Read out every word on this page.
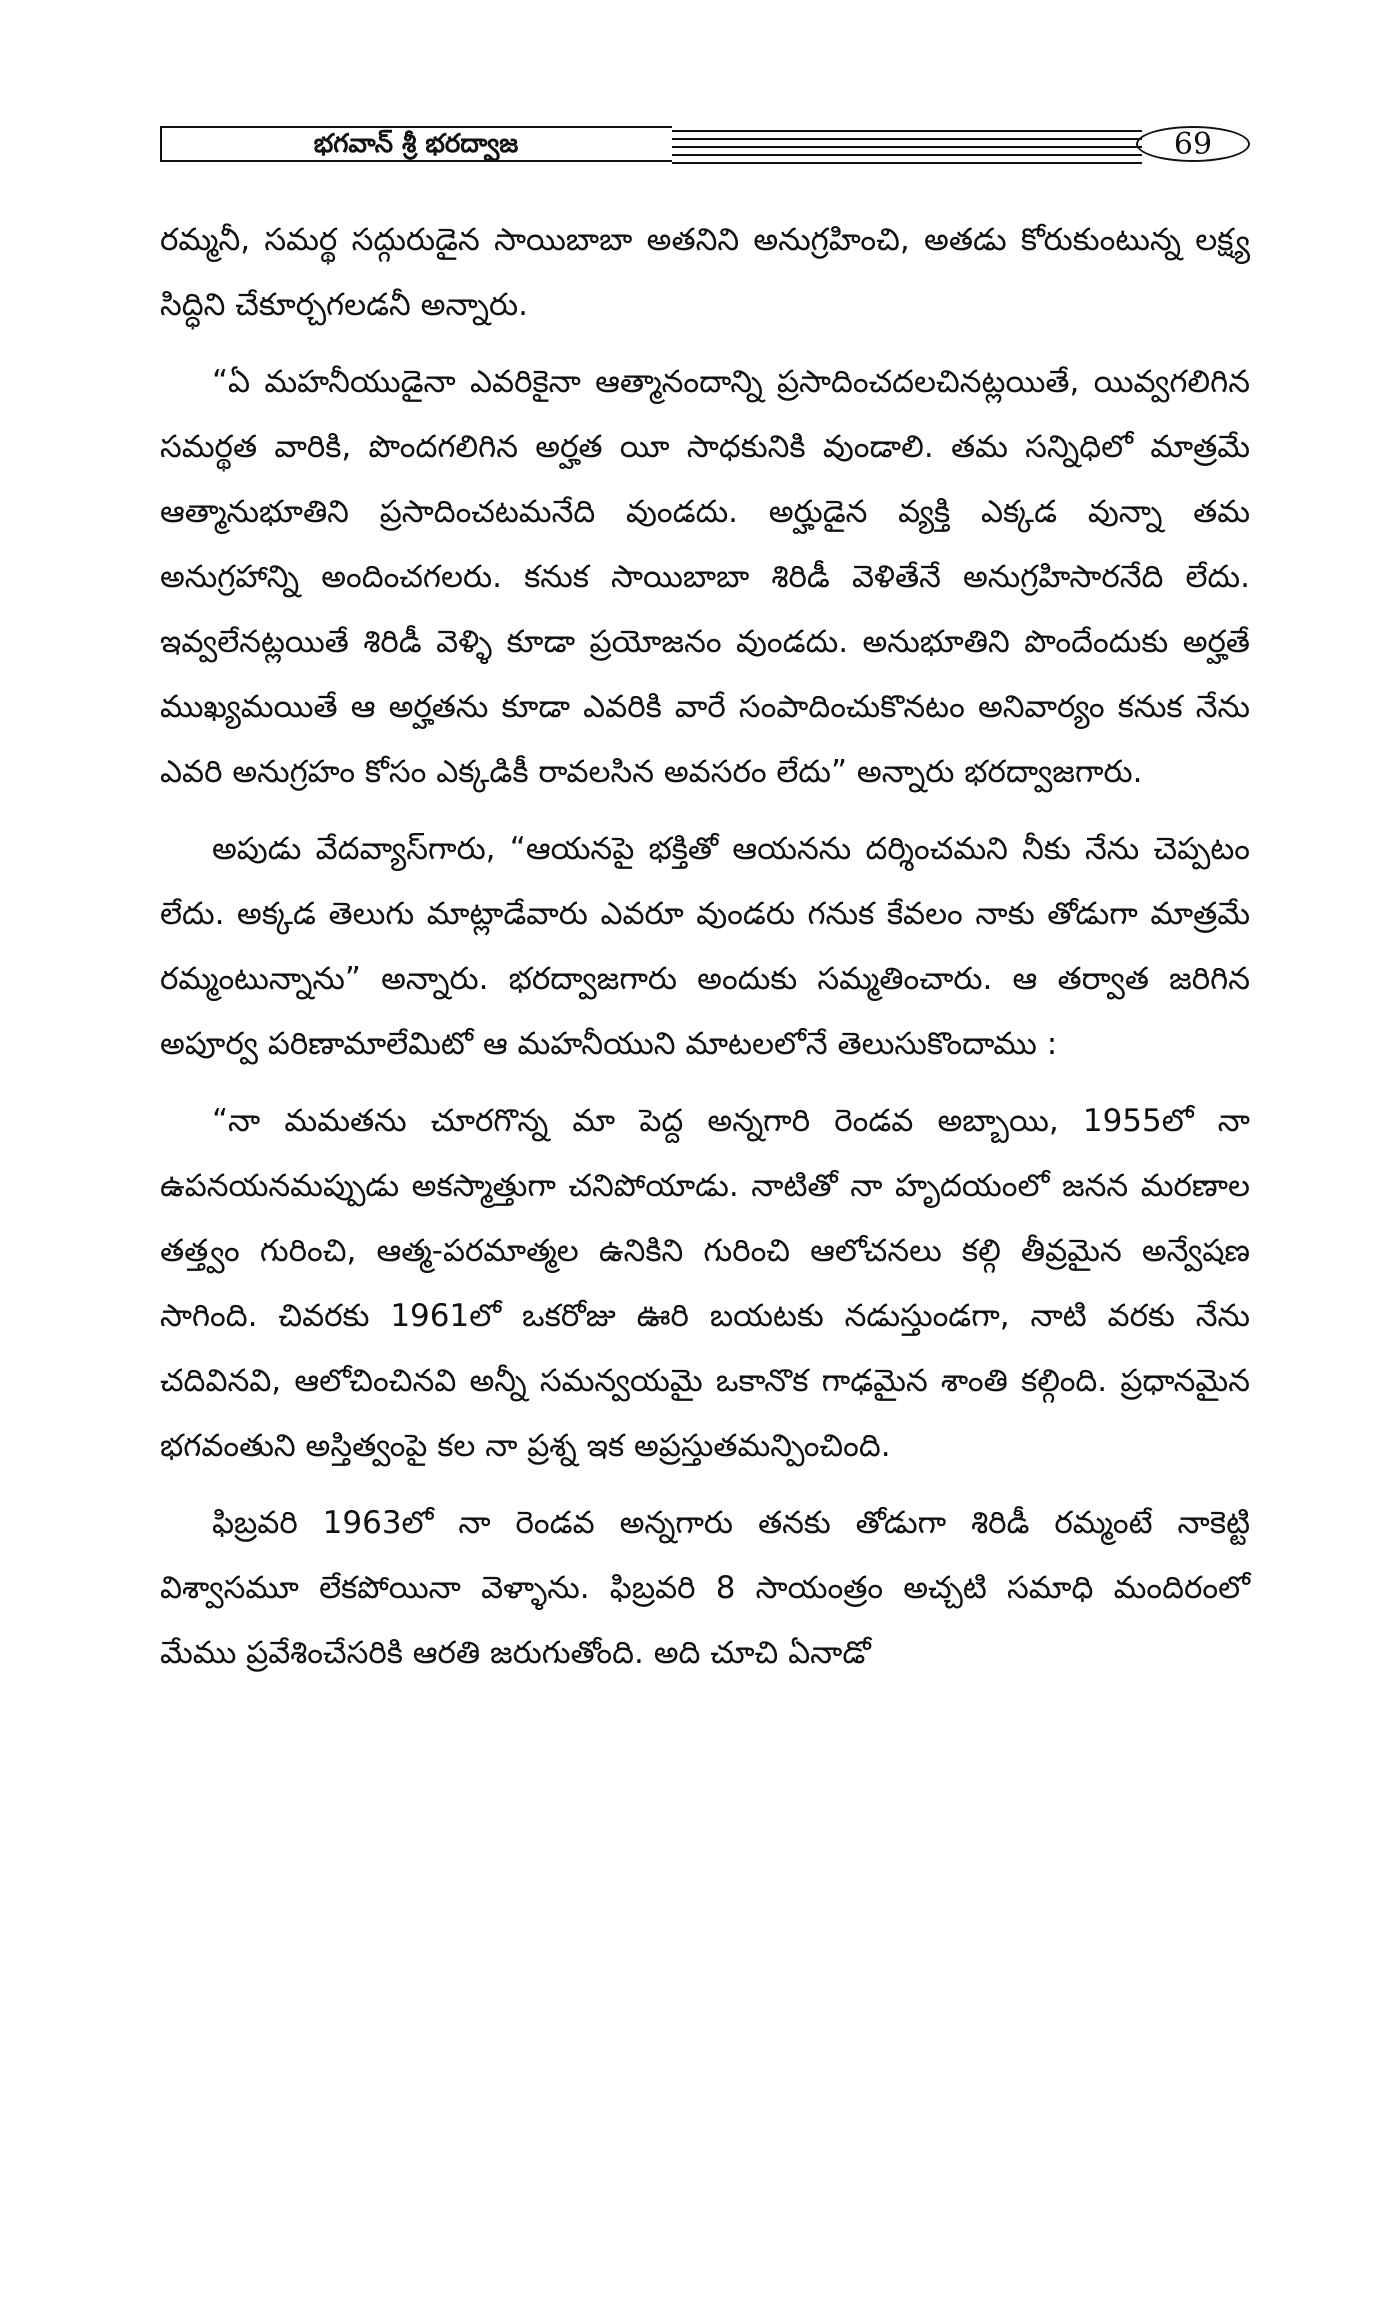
భగవాన్ శ్రీ భరద్వాజ	69

రమ్మనీ, సమర్థ సద్గురుడైన సాయిబాబా అతనిని అనుగ్రహించి, అతడు కోరుకుంటున్న లక్ష్య సిద్ధిని చేకూర్చగలడనీ అన్నారు.

“ఏ మహనీయుడైనా ఎవరికైనా ఆత్మానందాన్ని ప్రసాదించదలచినట్లయితే, యివ్వగలిగిన సమర్థత వారికి, పొందగలిగిన అర్హత యీ సాధకునికి వుండాలి. తమ సన్నిధిలో మాత్రమే ఆత్మానుభూతిని ప్రసాదించటమనేది వుండదు. అర్హుడైన వ్యక్తి ఎక్కడ వున్నా తమ అనుగ్రహాన్ని అందించగలరు. కనుక సాయిబాబా శిరిడీ వెళితేనే అనుగ్రహిసారనేది లేదు. ఇవ్వలేనట్లయితే శిరిడీ వెళ్ళి కూడా ప్రయోజనం వుండదు. అనుభూతిని పొందేందుకు అర్హతే ముఖ్యమయితే ఆ అర్హతను కూడా ఎవరికి వారే సంపాదించుకొనటం అనివార్యం కనుక నేను ఎవరి అనుగ్రహం కోసం ఎక్కడికీ రావలసిన అవసరం లేదు” అన్నారు భరద్వాజగారు.

అపుడు వేదవ్యాస్‌గారు, “ఆయనపై భక్తితో ఆయనను దర్శించమని నీకు నేను చెప్పటం లేదు. అక్కడ తెలుగు మాట్లాడేవారు ఎవరూ వుండరు గనుక కేవలం నాకు తోడుగా మాత్రమే రమ్మంటున్నాను” అన్నారు. భరద్వాజగారు అందుకు సమ్మతించారు. ఆ తర్వాత జరిగిన అపూర్వ పరిణామాలేమిటో ఆ మహనీయుని మాటలలోనే తెలుసుకొందాము :

“నా మమతను చూరగొన్న మా పెద్ద అన్నగారి రెండవ అబ్బాయి, 1955లో నా ఉపనయనమప్పుడు అకస్మాత్తుగా చనిపోయాడు. నాటితో నా హృదయంలో జనన మరణాల తత్త్వం గురించి, ఆత్మ-పరమాత్మల ఉనికిని గురించి ఆలోచనలు కల్గి తీవ్రమైన అన్వేషణ సాగింది. చివరకు 1961లో ఒకరోజు ఊరి బయటకు నడుస్తుండగా, నాటి వరకు నేను చదివినవి, ఆలోచించినవి అన్నీ సమన్వయమై ఒకానొక గాఢమైన శాంతి కల్గింది. ప్రధానమైన భగవంతుని అస్తిత్వంపై కల నా ప్రశ్న ఇక అప్రస్తుతమన్పించింది.

ఫిబ్రవరి 1963లో నా రెండవ అన్నగారు తనకు తోడుగా శిరిడీ రమ్మంటే నాకెట్టి విశ్వాసమూ లేకపోయినా వెళ్ళాను. ఫిబ్రవరి 8 సాయంత్రం అచ్చటి సమాధి మందిరంలో మేము ప్రవేశించేసరికి ఆరతి జరుగుతోంది. అది చూచి ఏనాడో
